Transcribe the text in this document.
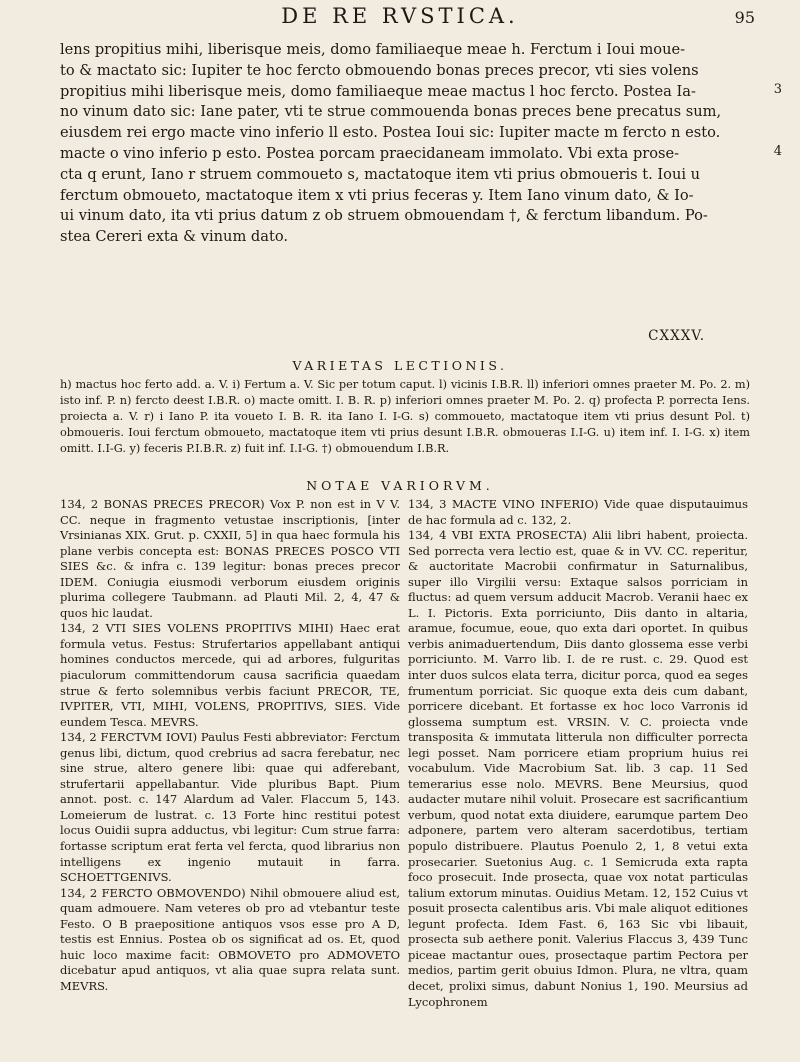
DE RE RVSTICA.	95

lens propitius mihi, liberisque meis, domo familiaeque meae h. Ferctum i Ioui moue-

to & mactato sic: Iupiter te hoc fercto obmouendo bonas preces precor, vti sies volens

propitius mihi liberisque meis, domo familiaeque meae mactus l hoc fercto. Postea Ia-

no vinum dato sic: Iane pater, vti te strue commouenda bonas preces bene precatus sum,

eiusdem rei ergo macte vino inferio ll esto. Postea Ioui sic: Iupiter macte m fercto n esto.

macte o vino inferio p esto. Postea porcam praecidaneam immolato. Vbi exta prose-

cta q erunt, Iano r struem commoueto s, mactatoque item vti prius obmoueris t. Ioui u

ferctum obmoueto, mactatoque item x vti prius feceras y. Item Iano vinum dato, & Io-

ui vinum dato, ita vti prius datum z ob struem obmouendam †, & ferctum libandum. Po-

stea Cereri exta & vinum dato.

3
4
CXXXV.
VARIETAS LECTIONIS.

h) mactus hoc ferto add. a. V. i) Fertum a. V. Sic per totum caput. l) vicinis I.B.R. ll) inferiori omnes praeter M. Po. 2. m) isto inf. P. n) fercto deest I.B.R. o) macte omitt. I. B. R. p) inferiori omnes praeter M. Po. 2. q) profecta P. porrecta Iens. proiecta a. V. r) i Iano P. ita voueto I. B. R. ita Iano I. I-G. s) commoueto, mactatoque item vti prius desunt Pol. t) obmoueris. Ioui ferctum obmoueto, mactatoque item vti prius desunt I.B.R. obmoueras I.I-G. u) item inf. I. I-G. x) item omitt. I.I-G. y) feceris P.I.B.R. z) fuit inf. I.I-G. †) obmouendum I.B.R.

NOTAE VARIORVM.

134, 2 BONAS PRECES PRECOR) Vox P. non est in V V. CC. neque in fragmento vetustae inscriptionis, [inter Vrsinianas XIX. Grut. p. CXXII, 5] in qua haec formula his plane verbis concepta est: BONAS PRECES POSCO VTI SIES &c. & infra c. 139 legitur: bonas preces precor IDEM. Coniugia eiusmodi verborum eiusdem originis plurima collegere Taubmann. ad Plauti Mil. 2, 4, 47 & quos hic laudat.

134, 2 VTI SIES VOLENS PROPITIVS MIHI) Haec erat formula vetus. Festus: Strufertarios appellabant antiqui homines conductos mercede, qui ad arbores, fulguritas piaculorum committendorum causa sacrificia quaedam strue & ferto solemnibus verbis faciunt PRECOR, TE, IVPITER, VTI, MIHI, VOLENS, PROPITIVS, SIES. Vide eundem Tesca. MEVRS.

134, 2 FERCTVM IOVI) Paulus Festi abbreviator: Ferctum genus libi, dictum, quod crebrius ad sacra ferebatur, nec sine strue, altero genere libi: quae qui adferebant, strufertarii appellabantur. Vide pluribus Bapt. Pium annot. post. c. 147 Alardum ad Valer. Flaccum 5, 143. Lomeierum de lustrat. c. 13 Forte hinc restitui potest locus Ouidii supra adductus, vbi legitur: Cum strue farra: fortasse scriptum erat ferta vel fercta, quod librarius non intelligens ex ingenio mutauit in farra. SCHOETTGENIVS.

134, 2 FERCTO OBMOVENDO) Nihil obmouere aliud est, quam admouere. Nam veteres ob pro ad vtebantur teste Festo. O B praepositione antiquos vsos esse pro A D, testis est Ennius. Postea ob os significat ad os. Et, quod huic loco maxime facit: OBMOVETO pro ADMOVETO dicebatur apud antiquos, vt alia quae supra relata sunt. MEVRS.

134, 3 MACTE VINO INFERIO) Vide quae disputauimus de hac formula ad c. 132, 2.

134, 4 VBI EXTA PROSECTA) Alii libri habent, proiecta. Sed porrecta vera lectio est, quae & in VV. CC. reperitur, & auctoritate Macrobii confirmatur in Saturnalibus, super illo Virgilii versu: Extaque salsos porriciam in fluctus: ad quem versum adducit Macrob. Veranii haec ex L. I. Pictoris. Exta porriciunto, Diis danto in altaria, aramue, focumue, eoue, quo exta dari oportet. In quibus verbis animaduertendum, Diis danto glossema esse verbi porriciunto. M. Varro lib. I. de re rust. c. 29. Quod est inter duos sulcos elata terra, dicitur porca, quod ea seges frumentum porriciat. Sic quoque exta deis cum dabant, porricere dicebant. Et fortasse ex hoc loco Varronis id glossema sumptum est. VRSIN. V. C. proiecta vnde transposita & immutata litterula non difficulter porrecta legi posset. Nam porricere etiam proprium huius rei vocabulum. Vide Macrobium Sat. lib. 3 cap. 11 Sed temerarius esse nolo. MEVRS. Bene Meursius, quod audacter mutare nihil voluit. Prosecare est sacrificantium verbum, quod notat exta diuidere, earumque partem Deo adponere, partem vero alteram sacerdotibus, tertiam populo distribuere. Plautus Poenulo 2, 1, 8 vetui exta prosecarier. Suetonius Aug. c. 1 Semicruda exta rapta foco prosecuit. Inde prosecta, quae vox notat particulas talium extorum minutas. Ouidius Metam. 12, 152 Cuius vt posuit prosecta calentibus aris. Vbi male aliquot editiones legunt profecta. Idem Fast. 6, 163 Sic vbi libauit, prosecta sub aethere ponit. Valerius Flaccus 3, 439 Tunc piceae mactantur oues, prosectaque partim Pectora per medios, partim gerit obuius Idmon. Plura, ne vltra, quam decet, prolixi simus, dabunt Nonius 1, 190. Meursius ad Lycophronem
